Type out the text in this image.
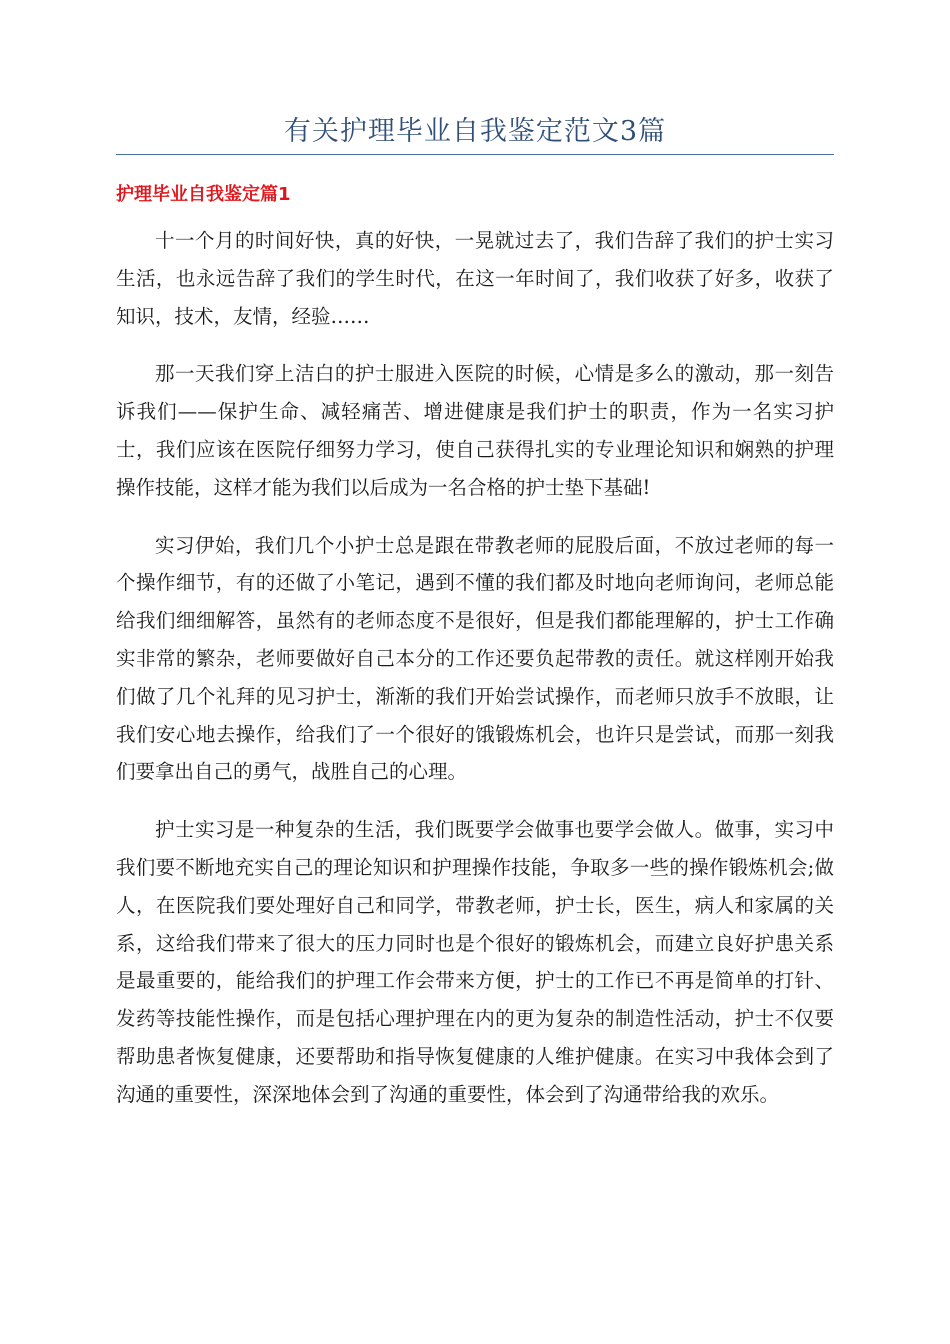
有关护理毕业自我鉴定范文3篇
护理毕业自我鉴定篇1

十一个月的时间好快，真的好快，一晃就过去了，我们告辞了我们的护士实习生活，也永远告辞了我们的学生时代，在这一年时间了，我们收获了好多，收获了知识，技术，友情，经验……

那一天我们穿上洁白的护士服进入医院的时候，心情是多么的激动，那一刻告诉我们——保护生命、减轻痛苦、增进健康是我们护士的职责，作为一名实习护士，我们应该在医院仔细努力学习，使自己获得扎实的专业理论知识和娴熟的护理操作技能，这样才能为我们以后成为一名合格的护士垫下基础!

实习伊始，我们几个小护士总是跟在带教老师的屁股后面，不放过老师的每一个操作细节，有的还做了小笔记，遇到不懂的我们都及时地向老师询问，老师总能给我们细细解答，虽然有的老师态度不是很好，但是我们都能理解的，护士工作确实非常的繁杂，老师要做好自己本分的工作还要负起带教的责任。就这样刚开始我们做了几个礼拜的见习护士，渐渐的我们开始尝试操作，而老师只放手不放眼，让我们安心地去操作，给我们了一个很好的饿锻炼机会，也许只是尝试，而那一刻我们要拿出自己的勇气，战胜自己的心理。

护士实习是一种复杂的生活，我们既要学会做事也要学会做人。做事，实习中我们要不断地充实自己的理论知识和护理操作技能，争取多一些的操作锻炼机会;做人，在医院我们要处理好自己和同学，带教老师，护士长，医生，病人和家属的关系，这给我们带来了很大的压力同时也是个很好的锻炼机会，而建立良好护患关系是最重要的，能给我们的护理工作会带来方便，护士的工作已不再是简单的打针、发药等技能性操作，而是包括心理护理在内的更为复杂的制造性活动，护士不仅要帮助患者恢复健康，还要帮助和指导恢复健康的人维护健康。在实习中我体会到了沟通的重要性，深深地体会到了沟通的重要性，体会到了沟通带给我的欢乐。
